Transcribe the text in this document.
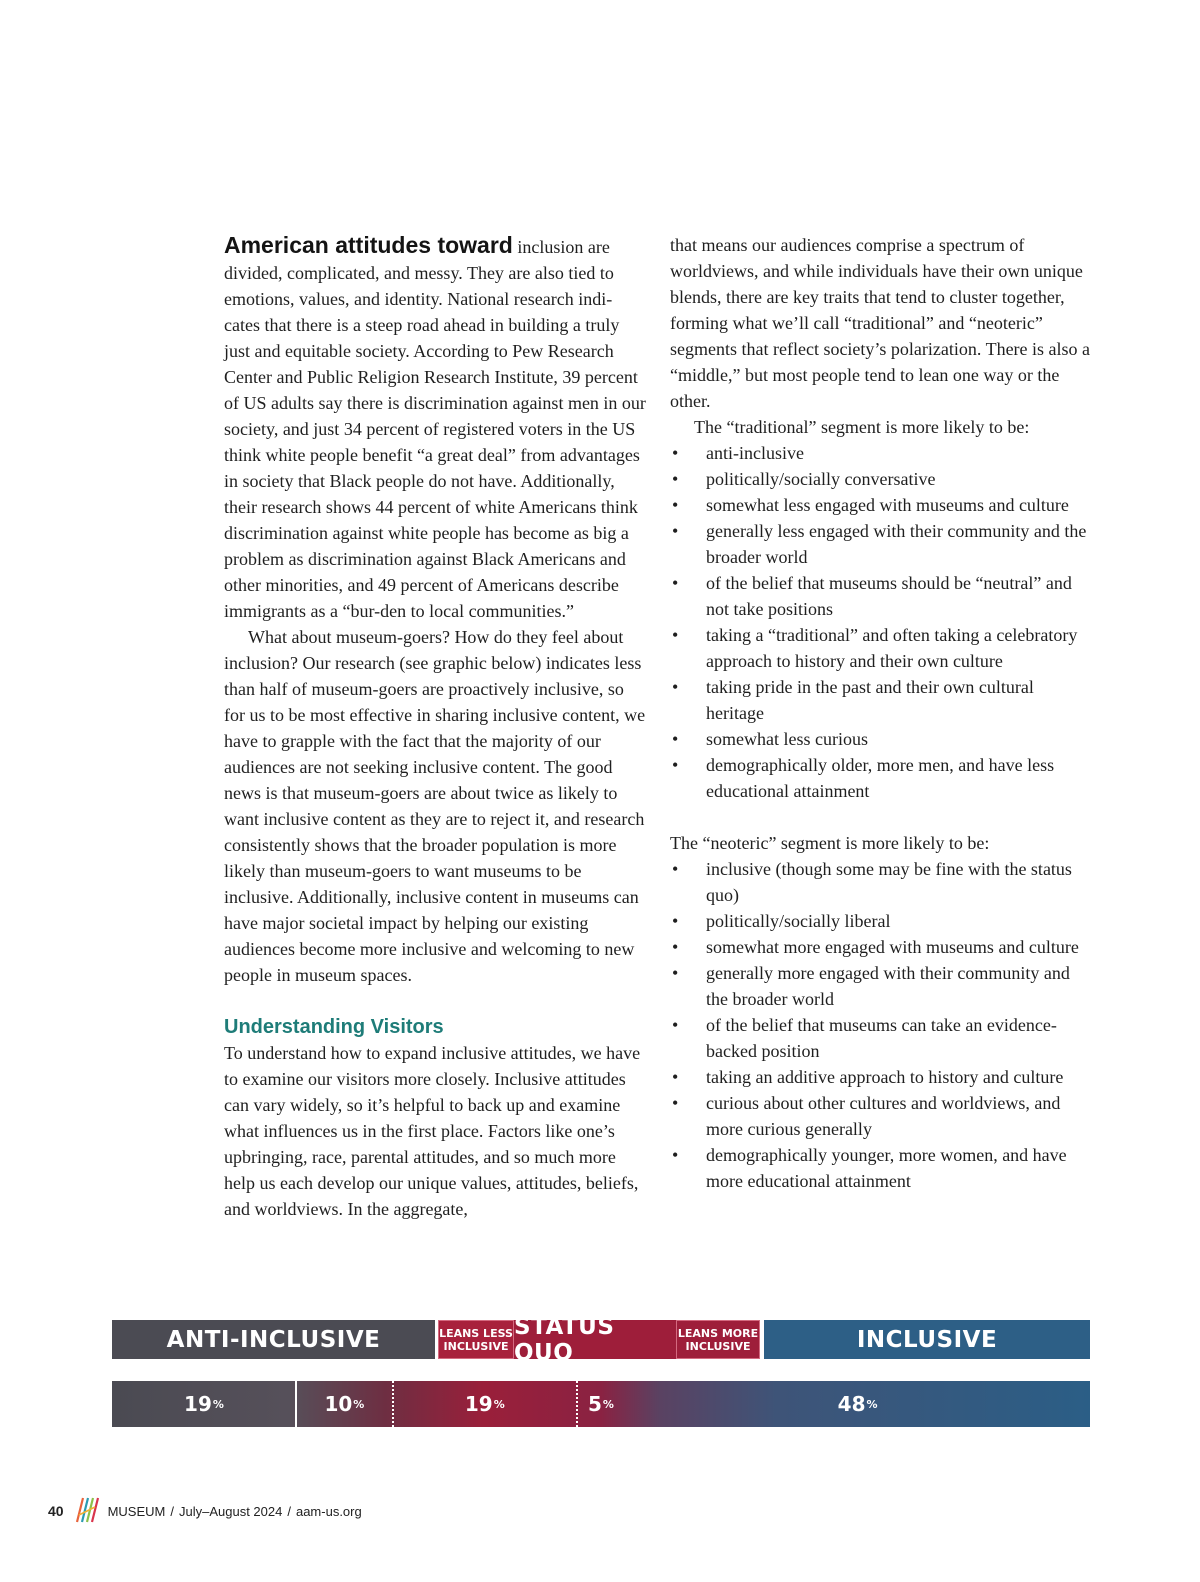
American attitudes toward inclusion are divided, complicated, and messy. They are also tied to emotions, values, and identity. National research indi-cates that there is a steep road ahead in building a truly just and equitable society. According to Pew Research Center and Public Religion Research Institute, 39 percent of US adults say there is discrimination against men in our society, and just 34 percent of registered voters in the US think white people benefit “a great deal” from advantages in society that Black people do not have. Additionally, their research shows 44 percent of white Americans think discrimination against white people has become as big a problem as discrimination against Black Americans and other minorities, and 49 percent of Americans describe immigrants as a “bur-den to local communities.”

What about museum-goers? How do they feel about inclusion? Our research (see graphic below) indicates less than half of museum-goers are proactively inclusive, so for us to be most effective in sharing inclusive content, we have to grapple with the fact that the majority of our audiences are not seeking inclusive content. The good news is that museum-goers are about twice as likely to want inclusive content as they are to reject it, and research consistently shows that the broader population is more likely than museum-goers to want museums to be inclusive. Additionally, inclusive content in museums can have major societal impact by helping our existing audiences become more inclusive and welcoming to new people in museum spaces.

Understanding Visitors

To understand how to expand inclusive attitudes, we have to examine our visitors more closely. Inclusive attitudes can vary widely, so it’s helpful to back up and examine what influences us in the first place. Factors like one’s upbringing, race, parental attitudes, and so much more help us each develop our unique values, attitudes, beliefs, and worldviews. In the aggregate,

that means our audiences comprise a spectrum of worldviews, and while individuals have their own unique blends, there are key traits that tend to cluster together, forming what we’ll call “traditional” and “neoteric” segments that reflect society’s polarization. There is also a “middle,” but most people tend to lean one way or the other.

The “traditional” segment is more likely to be:

• anti-inclusive
• politically/socially conversative
• somewhat less engaged with museums and culture
• generally less engaged with their community and the broader world
• of the belief that museums should be “neutral” and not take positions
• taking a “traditional” and often taking a celebratory approach to history and their own culture
• taking pride in the past and their own cultural heritage
• somewhat less curious
• demographically older, more men, and have less educational attainment

The “neoteric” segment is more likely to be:

• inclusive (though some may be fine with the status quo)
• politically/socially liberal
• somewhat more engaged with museums and culture
• generally more engaged with their community and the broader world
• of the belief that museums can take an evidence-backed position
• taking an additive approach to history and culture
• curious about other cultures and worldviews, and more curious generally
• demographically younger, more women, and have more educational attainment
ANTI-INCLUSIVE	LEANS LESS
INCLUSIVE
STATUS QUO
LEANS MORE
INCLUSIVE	INCLUSIVE
19 %	10 %	19 %	5 %	48 %
40	MUSEUM / July–August 2024 / aam-us.org
